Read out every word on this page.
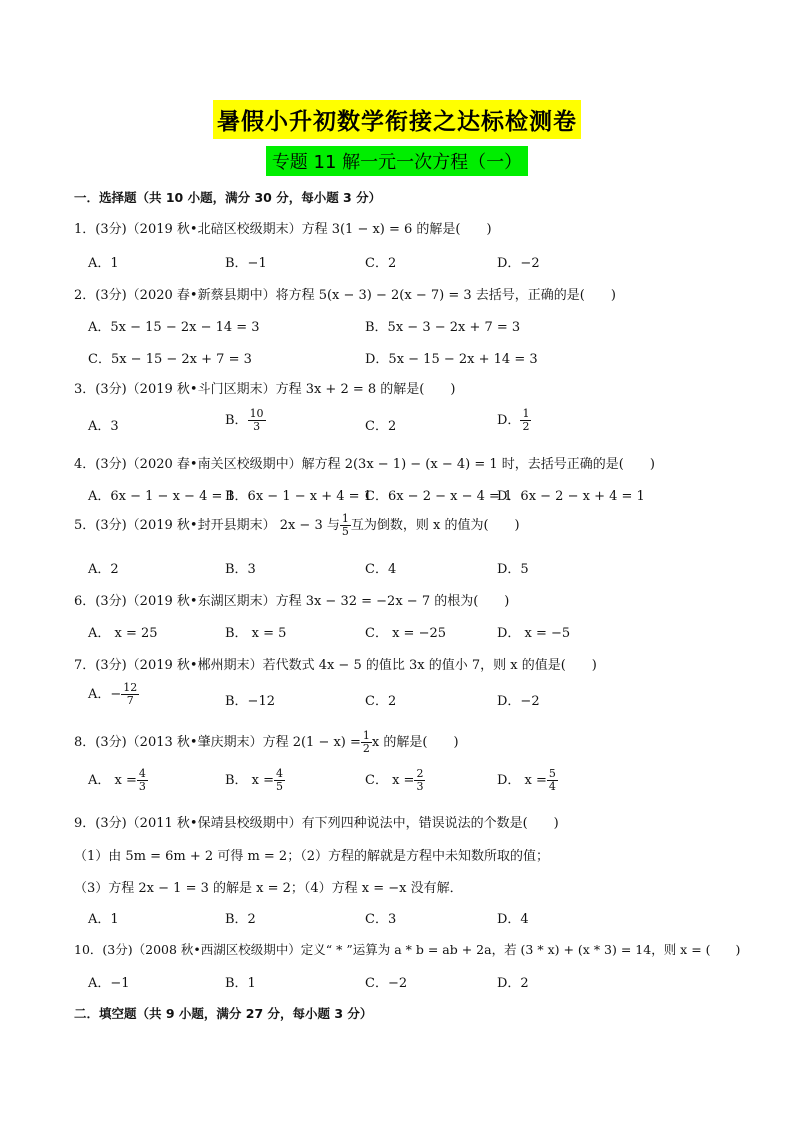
暑假小升初数学衔接之达标检测卷
专题 11 解一元一次方程（一）
一．选择题（共 10 小题，满分 30 分，每小题 3 分）
1．(3分)（2019 秋•北碚区校级期末）方程 3(1 − x) = 6 的解是(　　)
A．1	B．−1	C．2	D．−2
2．(3分)（2020 春•新蔡县期中）将方程 5(x − 3) − 2(x − 7) = 3 去括号，正确的是(　　)
A．5x − 15 − 2x − 14 = 3	B．5x − 3 − 2x + 7 = 3
C．5x − 15 − 2x + 7 = 3	D．5x − 15 − 2x + 14 = 3
3．(3分)（2019 秋•斗门区期末）方程 3x + 2 = 8 的解是(　　)
A．3	B． $\frac{10}{3}$	C．2	D． $\frac{1}{2}$
4．(3分)（2020 春•南关区校级期中）解方程 2(3x − 1) − (x − 4) = 1 时，去括号正确的是(　　)
A．6x − 1 − x − 4 = 1
B．6x − 1 − x + 4 = 1
C．6x − 2 − x − 4 = 1
D．6x − 2 − x + 4 = 1
5．(3分)（2019 秋•封开县期末） 2x − 3 与 $\frac{1}{5}$ 互为倒数，则 x 的值为(　　)
A．2	B．3	C．4	D．5
6．(3分)（2019 秋•东湖区期末）方程 3x − 32 = −2x − 7 的根为(　　)
A． x = 25	B． x = 5	C． x = −25	D． x = −5
7．(3分)（2019 秋•郴州期末）若代数式 4x − 5 的值比 3x 的值小 7，则 x 的值是(　　)
A．− $\frac{12}{7}$	B．−12	C．2	D．−2
8．(3分)（2013 秋•肇庆期末）方程 $2(1 - x) = \frac{1}{2}$ x 的解是(　　)
A． $x = \frac{4}{3}$	B． $x = \frac{4}{5}$	C． $x = \frac{2}{3}$	D． $x = \frac{5}{4}$
9．(3分)（2011 秋•保靖县校级期中）有下列四种说法中，错误说法的个数是(　　)
（1）由 5m = 6m + 2 可得 m = 2；（2）方程的解就是方程中未知数所取的值；
（3）方程 2x − 1 = 3 的解是 x = 2；（4）方程 x = −x 没有解．
A．1	B．2	C．3	D．4
10．(3分)（2008 秋•西湖区校级期中）定义“ * ”运算为 a * b = ab + 2a，若 (3 * x) + (x * 3) = 14，则 x = (　　)
A．−1	B．1	C．−2	D．2
二．填空题（共 9 小题，满分 27 分，每小题 3 分）
